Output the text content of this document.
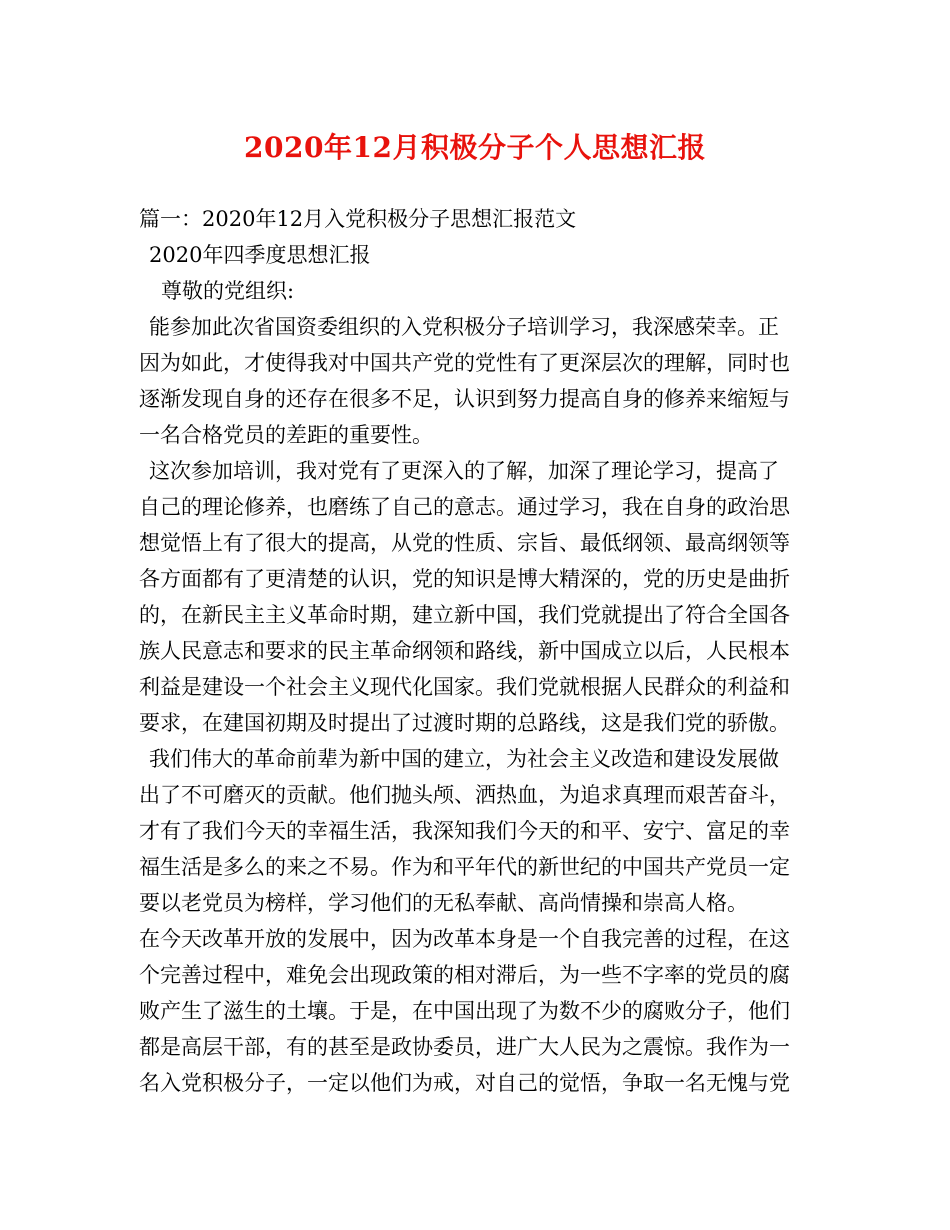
2020年12月积极分子个人思想汇报
篇一：2020年12月入党积极分子思想汇报范文
2020年四季度思想汇报
尊敬的党组织:
能参加此次省国资委组织的入党积极分子培训学习，我深感荣幸。正
因为如此，才使得我对中国共产党的党性有了更深层次的理解，同时也
逐渐发现自身的还存在很多不足，认识到努力提高自身的修养来缩短与
一名合格党员的差距的重要性。
这次参加培训，我对党有了更深入的了解，加深了理论学习，提高了
自己的理论修养，也磨练了自己的意志。通过学习，我在自身的政治思
想觉悟上有了很大的提高，从党的性质、宗旨、最低纲领、最高纲领等
各方面都有了更清楚的认识，党的知识是博大精深的，党的历史是曲折
的，在新民主主义革命时期，建立新中国，我们党就提出了符合全国各
族人民意志和要求的民主革命纲领和路线，新中国成立以后，人民根本
利益是建设一个社会主义现代化国家。我们党就根据人民群众的利益和
要求，在建国初期及时提出了过渡时期的总路线，这是我们党的骄傲。
我们伟大的革命前辈为新中国的建立，为社会主义改造和建设发展做
出了不可磨灭的贡献。他们抛头颅、洒热血，为追求真理而艰苦奋斗，
才有了我们今天的幸福生活，我深知我们今天的和平、安宁、富足的幸
福生活是多么的来之不易。作为和平年代的新世纪的中国共产党员一定
要以老党员为榜样，学习他们的无私奉献、高尚情操和崇高人格。
在今天改革开放的发展中，因为改革本身是一个自我完善的过程，在这
个完善过程中，难免会出现政策的相对滞后，为一些不字率的党员的腐
败产生了滋生的土壤。于是，在中国出现了为数不少的腐败分子，他们
都是高层干部，有的甚至是政协委员，进广大人民为之震惊。我作为一
名入党积极分子，一定以他们为戒，对自己的觉悟，争取一名无愧与党
